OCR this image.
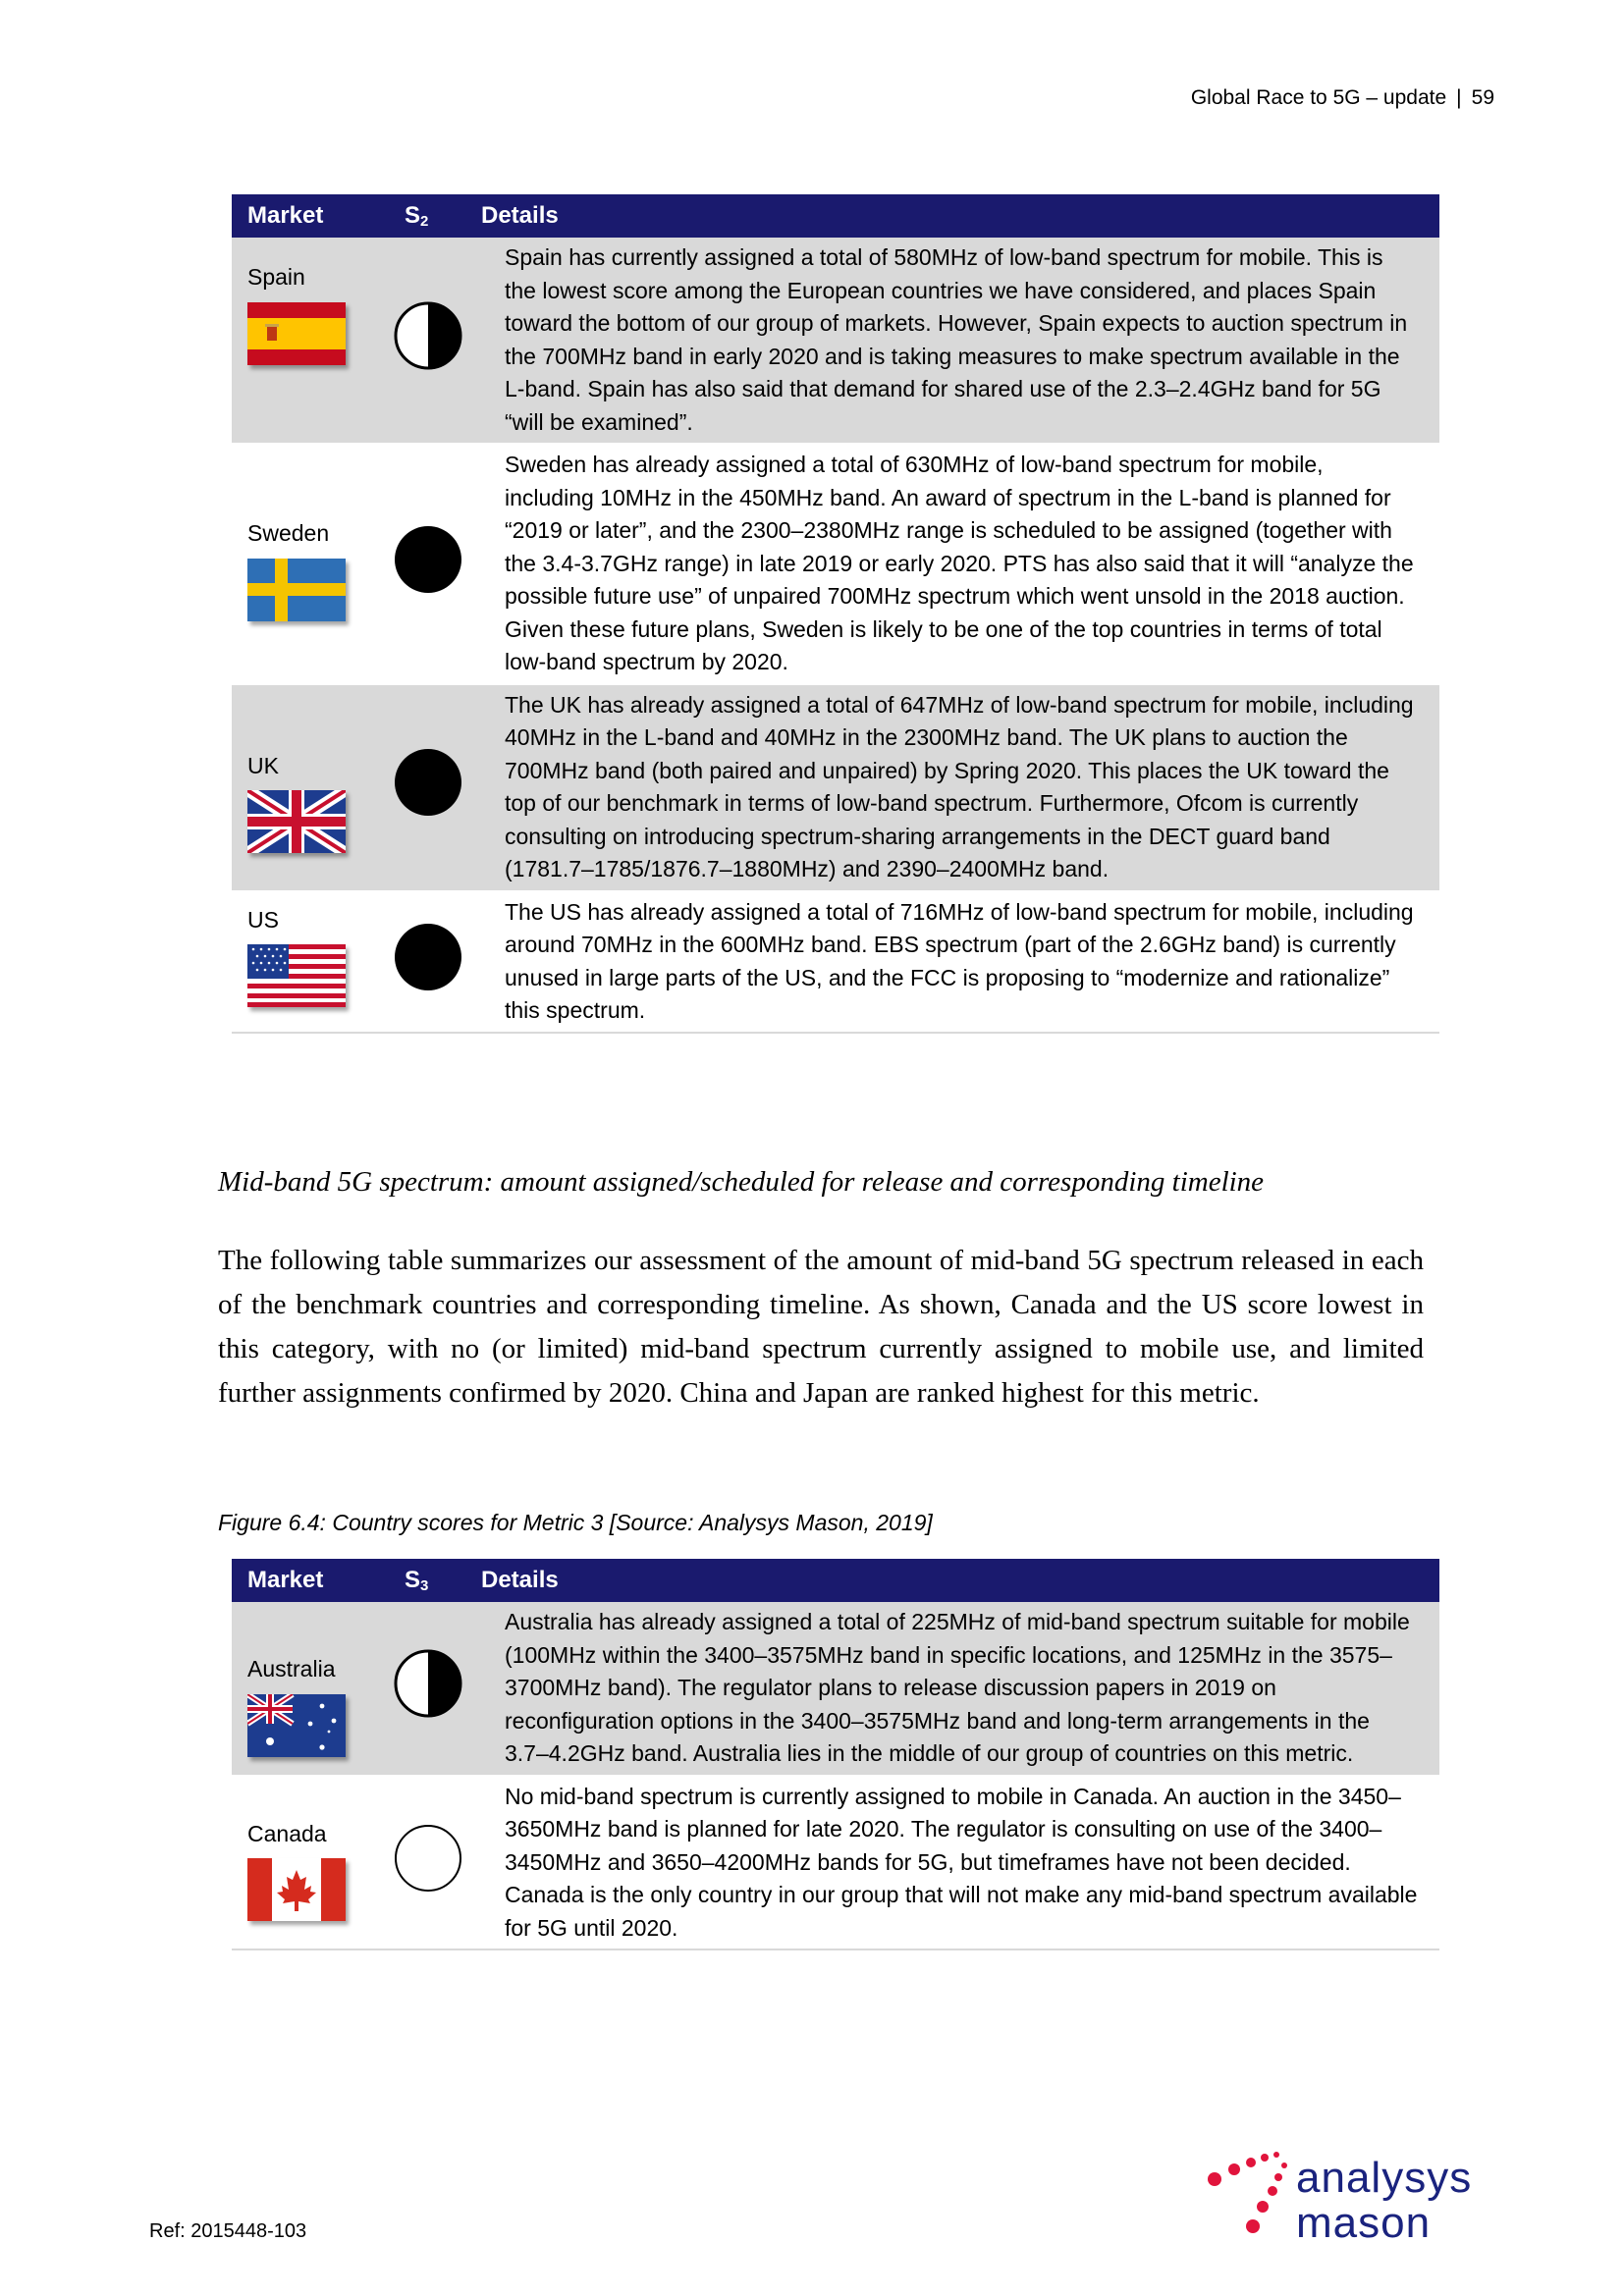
Global Race to 5G – update | 59
Market	$S_2$	Details

Spain		Spain has currently assigned a total of 580MHz of low-band spectrum for mobile. This is the lowest score among the European countries we have considered, and places Spain toward the bottom of our group of markets. However, Spain expects to auction spectrum in the 700MHz band in early 2020 and is taking measures to make spectrum available in the L-band. Spain has also said that demand for shared use of the 2.3–2.4GHz band for 5G “will be examined”.

Sweden		Sweden has already assigned a total of 630MHz of low-band spectrum for mobile, including 10MHz in the 450MHz band. An award of spectrum in the L-band is planned for “2019 or later”, and the 2300–2380MHz range is scheduled to be assigned (together with the 3.4-3.7GHz range) in late 2019 or early 2020. PTS has also said that it will “analyze the possible future use” of unpaired 700MHz spectrum which went unsold in the 2018 auction. Given these future plans, Sweden is likely to be one of the top countries in terms of total low-band spectrum by 2020.

UK		The UK has already assigned a total of 647MHz of low-band spectrum for mobile, including 40MHz in the L-band and 40MHz in the 2300MHz band. The UK plans to auction the 700MHz band (both paired and unpaired) by Spring 2020. This places the UK toward the top of our benchmark in terms of low-band spectrum. Furthermore, Ofcom is currently consulting on introducing spectrum-sharing arrangements in the DECT guard band (1781.7–1785/1876.7–1880MHz) and 2390–2400MHz band.

US		The US has already assigned a total of 716MHz of low-band spectrum for mobile, including around 70MHz in the 600MHz band. EBS spectrum (part of the 2.6GHz band) is currently unused in large parts of the US, and the FCC is proposing to “modernize and rationalize” this spectrum.
Mid-band 5G spectrum: amount assigned/scheduled for release and corresponding timeline
The following table summarizes our assessment of the amount of mid-band 5G spectrum released in each of the benchmark countries and corresponding timeline. As shown, Canada and the US score lowest in this category, with no (or limited) mid-band spectrum currently assigned to mobile use, and limited further assignments confirmed by 2020. China and Japan are ranked highest for this metric.
Figure 6.4: Country scores for Metric 3 [Source: Analysys Mason, 2019]
Market	$S_3$	Details

Australia		Australia has already assigned a total of 225MHz of mid-band spectrum suitable for mobile (100MHz within the 3400–3575MHz band in specific locations, and 125MHz in the 3575–3700MHz band). The regulator plans to release discussion papers in 2019 on reconfiguration options in the 3400–3575MHz band and long-term arrangements in the 3.7–4.2GHz band. Australia lies in the middle of our group of countries on this metric.

Canada		No mid-band spectrum is currently assigned to mobile in Canada. An auction in the 3450–3650MHz band is planned for late 2020. The regulator is consulting on use of the 3400–3450MHz and 3650–4200MHz bands for 5G, but timeframes have not been decided. Canada is the only country in our group that will not make any mid-band spectrum available for 5G until 2020.
Ref: 2015448-103
analysys
mason
